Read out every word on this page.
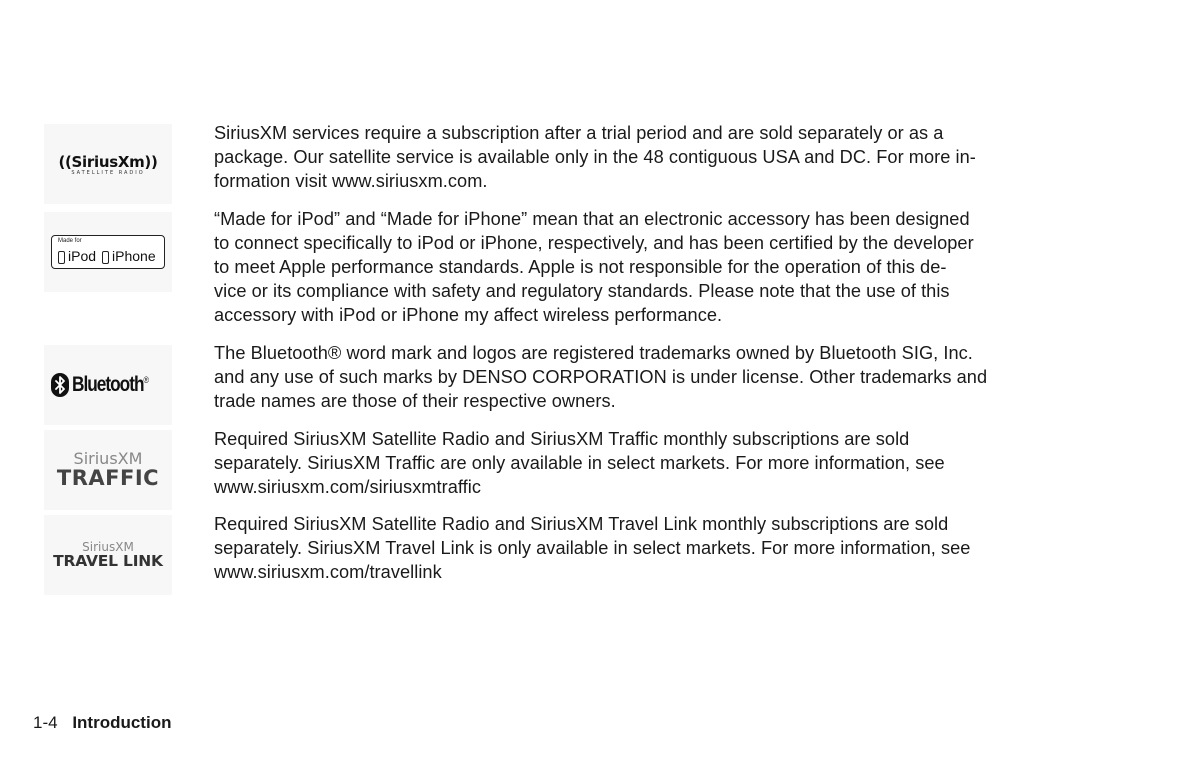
((SiriusXm))
SATELLITE RADIO
SiriusXM services require a subscription after a trial period and are sold separately or as a
package. Our satellite service is available only in the 48 contiguous USA and DC. For more in-
formation visit www.siriusxm.com.
Made for
iPod iPhone
“Made for iPod” and “Made for iPhone” mean that an electronic accessory has been designed
to connect specifically to iPod or iPhone, respectively, and has been certified by the developer
to meet Apple performance standards. Apple is not responsible for the operation of this de-
vice or its compliance with safety and regulatory standards. Please note that the use of this
accessory with iPod or iPhone my affect wireless performance.
Bluetooth®
The Bluetooth® word mark and logos are registered trademarks owned by Bluetooth SIG, Inc.
and any use of such marks by DENSO CORPORATION is under license. Other trademarks and
trade names are those of their respective owners.
SiriusXM
TRAFFIC
Required SiriusXM Satellite Radio and SiriusXM Traffic monthly subscriptions are sold
separately. SiriusXM Traffic are only available in select markets. For more information, see
www.siriusxm.com/siriusxmtraffic
SiriusXM
TRAVEL LINK
Required SiriusXM Satellite Radio and SiriusXM Travel Link monthly subscriptions are sold
separately. SiriusXM Travel Link is only available in select markets. For more information, see
www.siriusxm.com/travellink
1-4 Introduction
